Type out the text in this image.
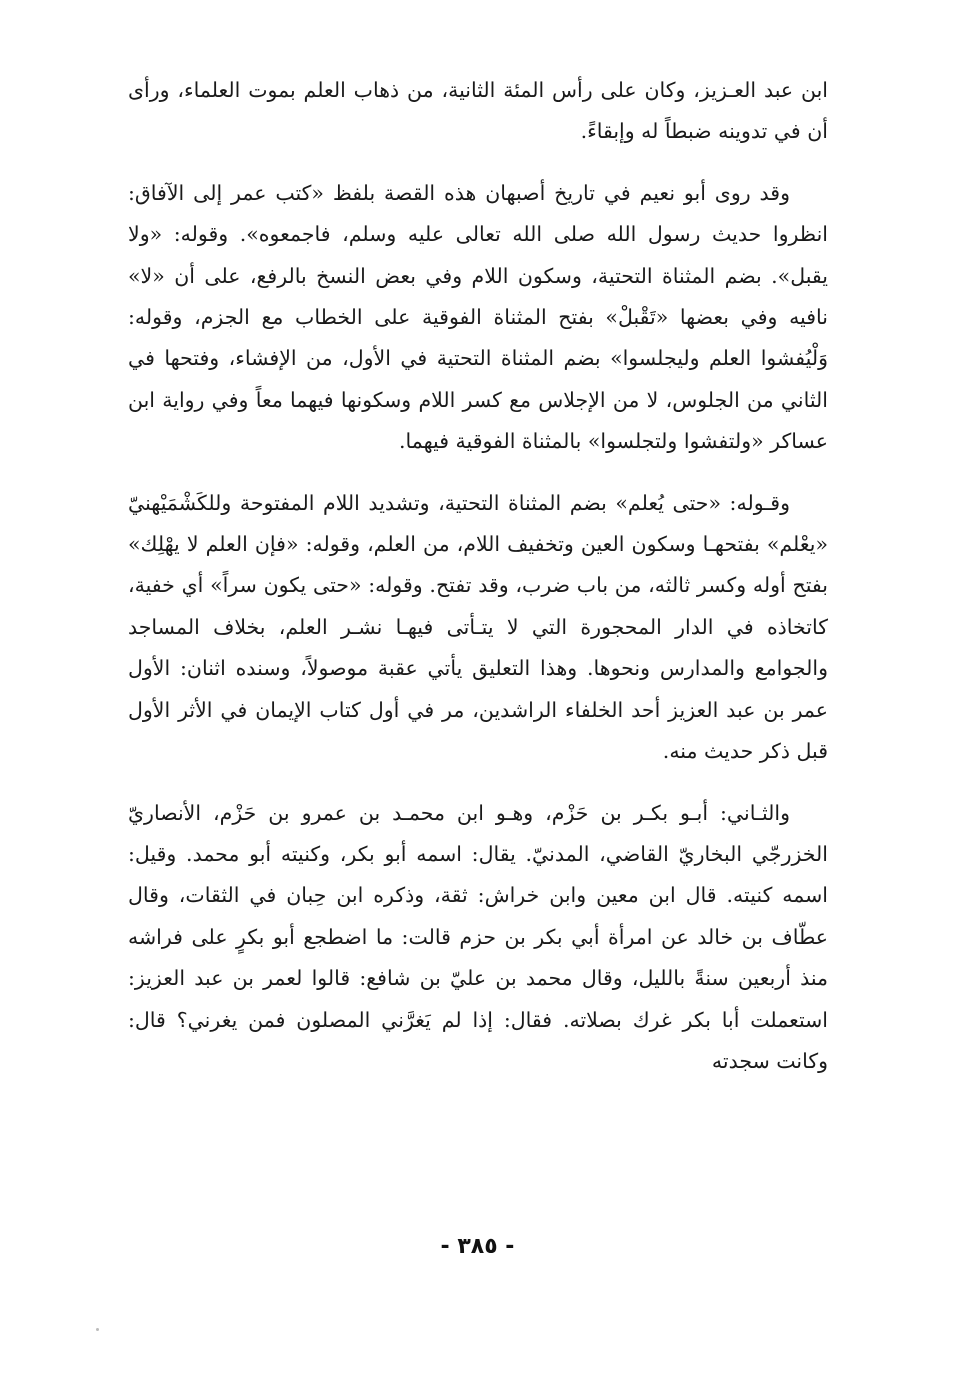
ابن عبد العـزيز، وكان على رأس المئة الثانية، من ذهاب العلم بموت العلماء، ورأى أن في تدوينه ضبطاً له وإبقاءً.

وقد روى أبو نعيم في تاريخ أصبهان هذه القصة بلفظ «كتب عمر إلى الآفاق: انظروا حديث رسول الله صلى الله تعالى عليه وسلم، فاجمعوه». وقوله: «ولا يقبل». بضم المثناة التحتية، وسكون اللام وفي بعض النسخ بالرفع، على أن «لا» نافيه وفي بعضها «تَقْبلْ» بفتح المثناة الفوقية على الخطاب مع الجزم، وقوله: وَلْيُفشوا العلم وليجلسوا» بضم المثناة التحتية في الأول، من الإفشاء، وفتحها في الثاني من الجلوس، لا من الإجلاس مع كسر اللام وسكونها فيهما معاً وفي رواية ابن عساكر «ولتفشوا ولتجلسوا» بالمثناة الفوقية فيهما.

وقـوله: «حتى يُعلم» بضم المثناة التحتية، وتشديد اللام المفتوحة وللكَشْمَيْهنيّ «يعْلم» بفتحهـا وسكون العين وتخفيف اللام، من العلم، وقوله: «فإن العلم لا يهْلِك» بفتح أوله وكسر ثالثه، من باب ضرب، وقد تفتح. وقوله: «حتى يكون سراً» أي خفية، كاتخاذه في الدار المحجورة التي لا يتـأتى فيهـا نشـر العلم، بخلاف المساجد والجوامع والمدارس ونحوها. وهذا التعليق يأتي عقبة موصولاً، وسنده اثنان: الأول عمر بن عبد العزيز أحد الخلفاء الراشدين، مر في أول كتاب الإيمان في الأثر الأول قبل ذكر حديث منه.

والثـاني: أبـو بكـر بن حَزْم، وهـو ابن محمـد بن عمرو بن حَزْم، الأنصاريّ الخزرجّي البخاريّ القاضي، المدنيّ. يقال: اسمه أبو بكر، وكنيته أبو محمد. وقيل: اسمه كنيته. قال ابن معين وابن خراش: ثقة، وذكره ابن حِبان في الثقات، وقال عطّاف بن خالد عن امرأة أبي بكر بن حزم قالت: ما اضطجع أبو بكرٍ على فراشه منذ أربعين سنةً بالليل، وقال محمد بن عليّ بن شافع: قالوا لعمر بن عبد العزيز: استعملت أبا بكر غرك بصلاته. فقال: إذا لم يَغرَّني المصلون فمن يغرني؟ قال: وكانت سجدته

- ٣٨٥ -
